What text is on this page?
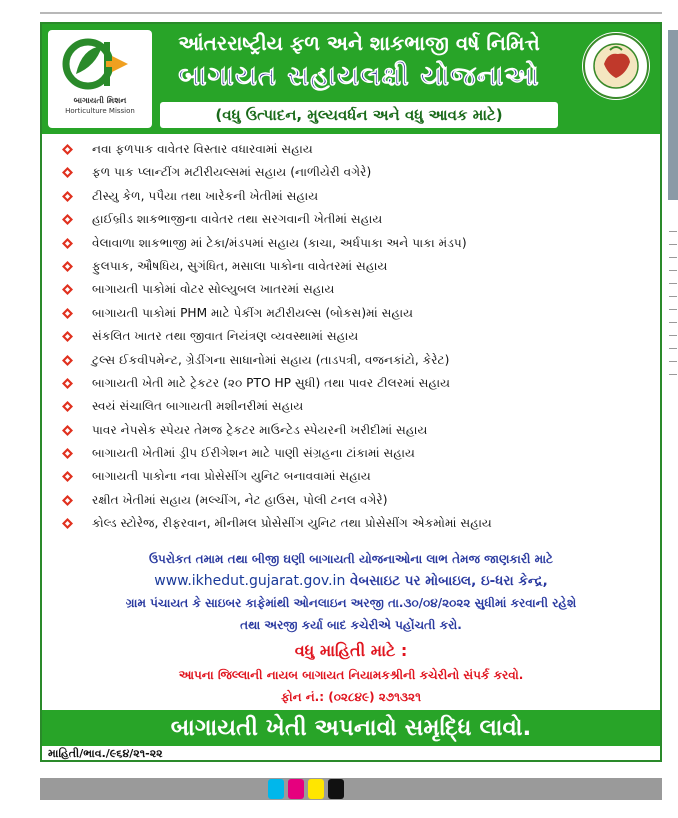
બાગાયતી મિશન
Horticulture Mission
આંતરરાષ્ટ્રીય ફળ અને શાકભાજી વર્ષ નિમિત્તે
બાગાયત સહાયલક્ષી યોજનાઓ
(વધુ ઉત્પાદન, મુલ્યવર્ધન અને વધુ આવક માટે)
નવા ફળપાક વાવેતર વિસ્તાર વધારવામાં સહાય
ફળ પાક પ્લાન્ટીંગ મટીરીયલ્સમાં સહાય (નાળીયેરી વગેરે)
ટીસ્યુ કેળ, પપૈયા તથા ખારેકની ખેતીમાં સહાય
હાઈબ્રીડ શાકભાજીના વાવેતર તથા સરગવાની ખેતીમાં સહાય
વેલાવાળા શાકભાજી માં ટેકા/મંડપમાં સહાય (કાચા, અર્ધપાકા અને પાકા મંડપ)
ફુલપાક, ઔષધિય, સુગંધિત, મસાલા પાકોના વાવેતરમાં સહાય
બાગાયતી પાકોમાં વોટર સોલ્યુબલ ખાતરમાં સહાય
બાગાયતી પાકોમાં PHM માટે પેકીંગ મટીરીયલ્સ (બોકસ)માં સહાય
સંકલિત ખાતર તથા જીવાત નિયંત્રણ વ્યવસ્થામાં સહાય
ટુલ્સ ઈકવીપમેન્ટ, ગ્રેડીંગના સાધાનોમાં સહાય (તાડપત્રી, વજનકાંટો, કેરેટ)
બાગાયતી ખેતી માટે ટ્રેકટર (૨૦ PTO HP સુધી) તથા પાવર ટીલરમાં સહાય
સ્વયં સંચાલિત બાગાયતી મશીનરીમાં સહાય
પાવર નેપસેક સ્પેયર તેમજ ટ્રેકટર માઉન્ટેડ સ્પેયરની ખરીદીમાં સહાય
બાગાયતી ખેતીમાં ડ્રીપ ઈરીગેશન માટે પાણી સંગ્રહના ટાંકામાં સહાય
બાગાયતી પાકોના નવા પ્રોસેસીંગ યુનિટ બનાવવામાં સહાય
રક્ષીત ખેતીમાં સહાય (મલ્ચીંગ, નેટ હાઉસ, પોલી ટનલ વગેરે)
કોલ્ડ સ્ટોરેજ, રીફરવાન, મીનીમલ પ્રોસેસીંગ યુનિટ તથા પ્રોસેસીંગ એકમોમાં સહાય
ઉપરોકત તમામ તથા બીજી ઘણી બાગાયતી યોજનાઓના લાભ તેમજ જાણકારી માટે
www.ikhedut.gujarat.gov.in વેબસાઇટ પર મોબાઇલ, ઇ-ધરા કેન્દ્ર,
ગ્રામ પંચાયત કે સાઇબર કાફેમાંથી ઓનલાઇન અરજી તા.૩૦/૦૪/૨૦૨૨ સુધીમાં કરવાની રહેશે
તથા અરજી કર્યા બાદ કચેરીએ પહોંચતી કરો.
વધુ માહિતી માટે :
આપના જિલ્લાની નાયબ બાગાયત નિયામકશ્રીની કચેરીનો સંપર્ક કરવો.
ફોન નં.: (૦૨૮૪૯) ૨૭૧૩૨૧
બાગાયતી ખેતી અપનાવો સમૃદ્ધિ લાવો.
માહિતી/ભાવ./૯૬૪/૨૧-૨૨
